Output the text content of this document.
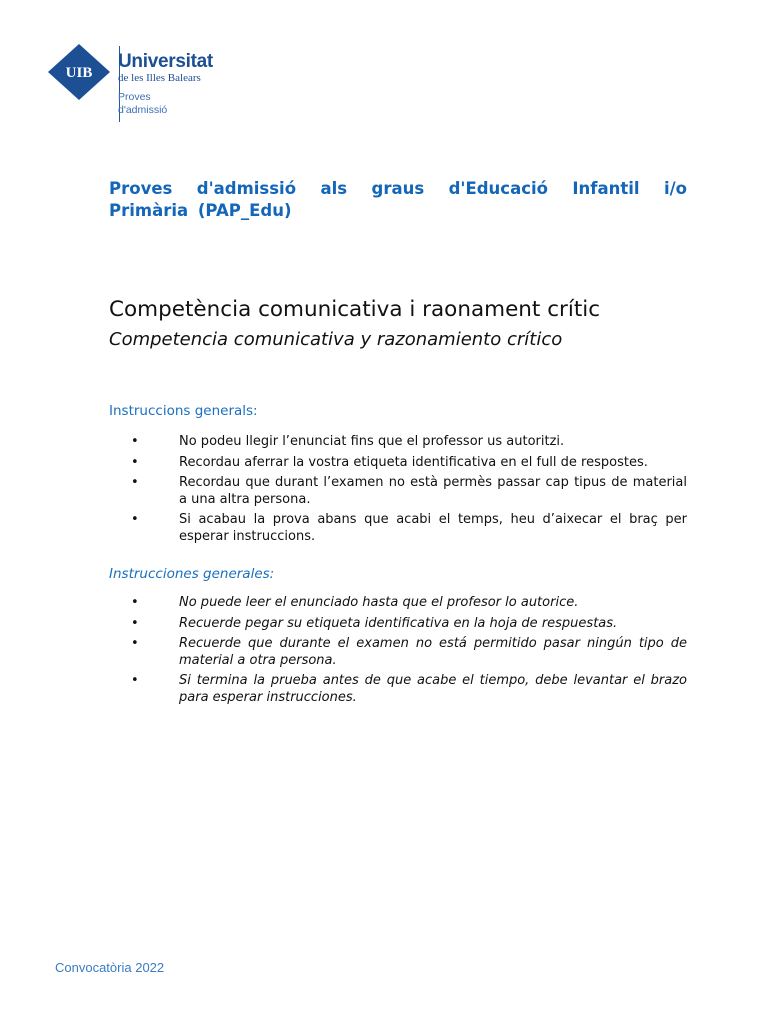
UIB
Universitat
de les Illes Balears
Proves
d'admissió
Proves d'admissió als graus d'Educació Infantil i/o Primària (PAP_Edu)
Competència comunicativa i raonament crític
Competencia comunicativa y razonamiento crítico
Instruccions generals:
•	No podeu llegir l’enunciat fins que el professor us autoritzi.
•	Recordau aferrar la vostra etiqueta identificativa en el full de respostes.
•	Recordau que durant l’examen no està permès passar cap tipus de material a una altra persona.
•	Si acabau la prova abans que acabi el temps, heu d’aixecar el braç per esperar instruccions.
Instrucciones generales:
•	No puede leer el enunciado hasta que el profesor lo autorice.
•	Recuerde pegar su etiqueta identificativa en la hoja de respuestas.
•	Recuerde que durante el examen no está permitido pasar ningún tipo de material a otra persona.
•	Si termina la prueba antes de que acabe el tiempo, debe levantar el brazo para esperar instrucciones.
Convocatòria 2022
